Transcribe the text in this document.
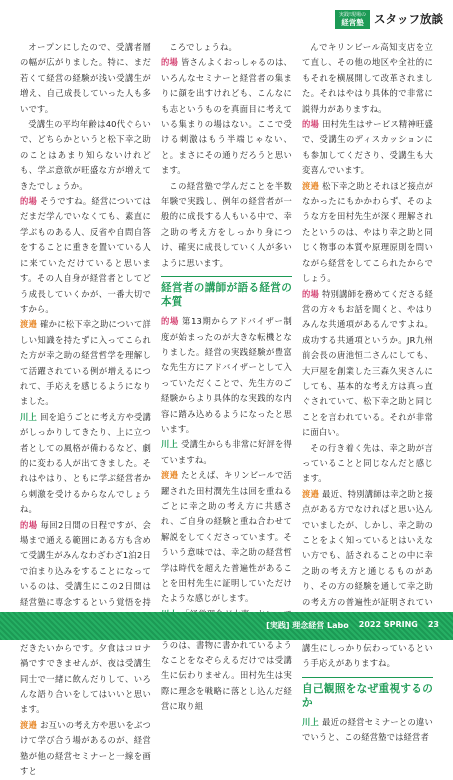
実践!現場の
経営塾 スタッフ放談

オープンにしたので、受講者層の幅が広がりました。特に、まだ若くて経営の経験が浅い受講生が増え、自己成長していった人も多いです。

受講生の平均年齢は40代ぐらいで、どちらかというと松下幸之助のことはあまり知らないけれども、学ぶ意欲が旺盛な方が増えてきたでしょうか。

的場 そうですね。経営についてはだまだ学んでいなくても、素直に学ぶものある人、反省や自問自答をすることに重きを置いている人に来ていただけていると思います。その人自身が経営者としてどう成長していくかが、一番大切ですから。

渡邉 確かに松下幸之助について詳しい知識を持たずに入ってこられた方が幸之助の経営哲学を理解して活躍されている例が増えるにつれて、手応えを感じるようになりました。

川上 回を追うごとに考え方や受講がしっかりしてきたり、上に立つ者としての風格が備わるなど、劇的に変わる人が出てきました。それはやはり、ともに学ぶ経営者から刺激を受けるからなんでしょうね。

的場 毎回2日間の日程ですが、会場まで通える範囲にある方も含めて受講生がみんなわざわざ1泊2日で泊まり込みをすることになっているのは、受講生にこの2日間は経営塾に専念するという覚悟を持 だきたいからです。夕食はコロナ禍ですできませんが、夜は受講生同士で一緒に飲んだりして、いろんな語り合いをしてはいいと思います。

渡邉 お互いの考え方や思いをぶつけて学び合う場があるのが、経営塾が他の経営セミナーと一線を画すと

ころでしょうね。

的場 皆さんよくおっしゃるのは、いろんなセミナーと経営者の集まりに顔を出すけれども、こんなにも志というものを真面目に考えている集まりの場はない。ここで受ける刺激はもう半端じゃない、と。まさにその通りだろうと思います。

この経営塾で学んだことを半数年験で実践し、例年の経営者が一般的に成長する人もいる中で、幸之助の考え方をしっかり身につけ、確実に成長していく人が多いように思います。

経営者の講師が語る経営の本質

的場 第13期からアドバイザー制度が始まったのが大きな転機となりました。経営の実践経験が豊富な先生方にアドバイザーとして入っていただくことで、先生方のご経験からより具体的な実践的な内容に踏み込めるようになったと思います。

川上 受講生からも非常に好評を得ていますね。

渡邉 たとえば、キリンビールで活躍された田村潤先生は回を重ねるごとに幸之助の考え方に共感され、ご自身の経験と重ね合わせて解説をしてくださっています。そういう意味では、幸之助の経営哲学は時代を超えた普遍性があることを田村先生に証明していただけたような感じがします。

うのは、書物に書かれているようなことをなぞらえるだけでは受講生に伝わりません。田村先生は実際に理念を戦略に落とし込んだ経営に取り組

んでキリンビール高知支店を立て直し、その他の地区や全社的にもそれを横展開して改革されました。それはやはり具体的で非常に説得力がありますね。

的場 田村先生はサービス精神旺盛で、受講生のディスカッションにも参加してくださり、受講生も大変喜んでいます。

渡邉 松下幸之助とそれほど接点がなかったにもかかわらず、そのような方を田村先生が深く理解されたというのは、やはり幸之助と同じく物事の本質や原理原則を問いながら経営をしてこられたからでしょう。

的場 特別講師を務めてくださる経営の方々もお話を聞くと、やはりみんな共通項があるんですよね。成功する共通項というか。JR九州前会長の唐池恒二さんにしても、大戸屋を創業した三森久実さんにしても、基本的な考え方は真っ直ぐされていて、松下幸之助と同じことを言われている。それが非常に面白い。

その行き着く先は、幸之助が言っていることと同じなんだと感じます。

渡邉 最近、特別講師は幸之助と接点がある方でなければと思い込んでいましたが、しかし、幸之助のことをよく知っているとはいえない方でも、話されることの中に幸之助の考え方と通じるものがあり、その方の経験を通して幸之助の考え方の普遍性が証明されてい 講生にしっかり伝わっているという手応えがありますね。

自己観照をなぜ重視するのか

川上 最近の経営セミナーとの違いでいうと、この経営塾では経営者

[実践] 理念経営 Labo 2022 SPRING 23
